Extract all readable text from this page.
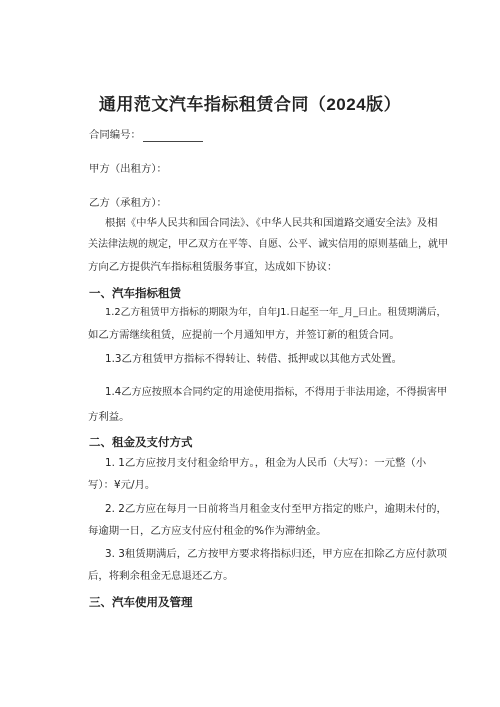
通用范文汽车指标租赁合同（2024版）
合同编号：
甲方（出租方）：
乙方（承租方）：
根据《中华人民共和国合同法》、《中华人民共和国道路交通安全法》及相
关法律法规的规定，甲乙双方在平等、自愿、公平、诚实信用的原则基础上，就甲
方向乙方提供汽车指标租赁服务事宜，达成如下协议：
一、汽车指标租赁
1.2乙方租赁甲方指标的期限为年，自年J1.日起至一年_月_曰止。租赁期满后，
如乙方需继续租赁，应提前一个月通知甲方，并签订新的租赁合同。
1.3乙方租赁甲方指标不得转让、转借、抵押或以其他方式处置。
1.4乙方应按照本合同约定的用途使用指标，不得用于非法用途，不得损害甲
方利益。
二、租金及支付方式
1. 1乙方应按月支付租金给甲方。，租金为人民币（大写）：一元整（小
写）：¥元/月。
2. 2乙方应在每月一日前将当月租金支付至甲方指定的账户，逾期未付的，
每逾期一日，乙方应支付应付租金的%作为滞纳金。
3. 3租赁期满后，乙方按甲方要求将指标归还，甲方应在扣除乙方应付款项
后，将剩余租金无息退还乙方。
三、汽车使用及管理
